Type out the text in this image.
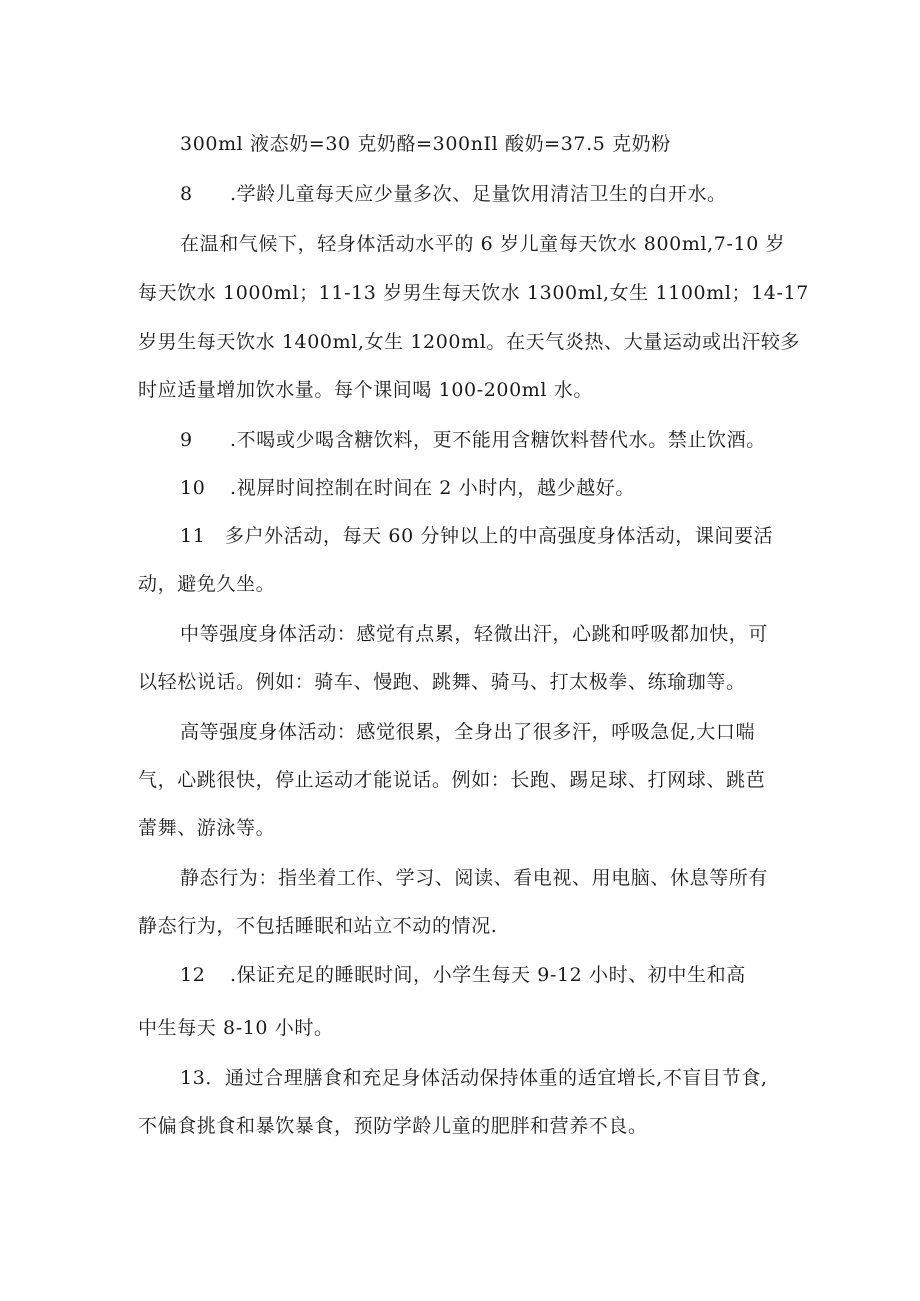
300ml 液态奶=30 克奶酪=300nIl 酸奶=37.5 克奶粉
8 .学龄儿童每天应少量多次、足量饮用清洁卫生的白开水。
在温和气候下，轻身体活动水平的 6 岁儿童每天饮水 800ml,7-10 岁
每天饮水 1000ml；11-13 岁男生每天饮水 1300ml,女生 1100ml；14-17
岁男生每天饮水 1400ml,女生 1200ml。在天气炎热、大量运动或出汗较多
时应适量增加饮水量。每个课间喝 100-200ml 水。
9 .不喝或少喝含糖饮料，更不能用含糖饮料替代水。禁止饮酒。
10 .视屏时间控制在时间在 2 小时内，越少越好。
11　多户外活动，每天 60 分钟以上的中高强度身体活动，课间要活
动，避免久坐。
中等强度身体活动：感觉有点累，轻微出汗，心跳和呼吸都加快，可
以轻松说话。例如：骑车、慢跑、跳舞、骑马、打太极拳、练瑜珈等。
高等强度身体活动：感觉很累，全身出了很多汗，呼吸急促,大口喘
气，心跳很快，停止运动才能说话。例如：长跑、踢足球、打网球、跳芭
蕾舞、游泳等。
静态行为：指坐着工作、学习、阅读、看电视、用电脑、休息等所有
静态行为，不包括睡眠和站立不动的情况.
12 .保证充足的睡眠时间，小学生每天 9-12 小时、初中生和高
中生每天 8-10 小时。
13．通过合理膳食和充足身体活动保持体重的适宜增长,不盲目节食,
不偏食挑食和暴饮暴食，预防学龄儿童的肥胖和营养不良。
